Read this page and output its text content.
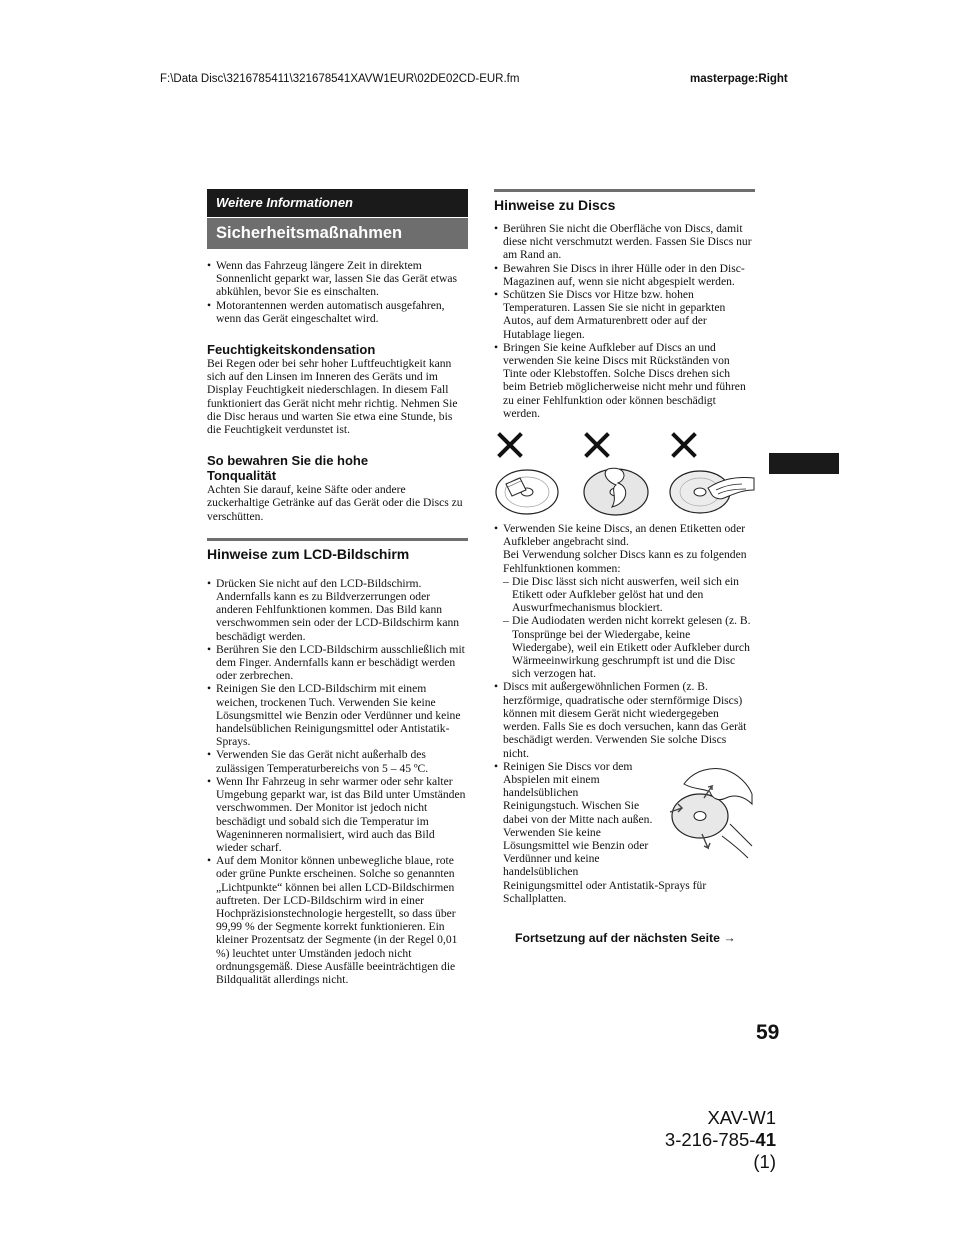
F:\Data Disc\3216785411\321678541XAVW1EUR\02DE02CD-EUR.fm	masterpage:Right
Weitere Informationen
Sicherheitsmaßnahmen
• Wenn das Fahrzeug längere Zeit in direktem Sonnenlicht geparkt war, lassen Sie das Gerät etwas abkühlen, bevor Sie es einschalten.
• Motorantennen werden automatisch ausgefahren, wenn das Gerät eingeschaltet wird.
Feuchtigkeitskondensation

Bei Regen oder bei sehr hoher Luftfeuchtigkeit kann sich auf den Linsen im Inneren des Geräts und im Display Feuchtigkeit niederschlagen. In diesem Fall funktioniert das Gerät nicht mehr richtig. Nehmen Sie die Disc heraus und warten Sie etwa eine Stunde, bis die Feuchtigkeit verdunstet ist.

So bewahren Sie die hohe
Tonqualität

Achten Sie darauf, keine Säfte oder andere zuckerhaltige Getränke auf das Gerät oder die Discs zu verschütten.

Hinweise zum LCD-Bildschirm
• Drücken Sie nicht auf den LCD-Bildschirm. Andernfalls kann es zu Bildverzerrungen oder anderen Fehlfunktionen kommen. Das Bild kann verschwommen sein oder der LCD-Bildschirm kann beschädigt werden.
• Berühren Sie den LCD-Bildschirm ausschließlich mit dem Finger. Andernfalls kann er beschädigt werden oder zerbrechen.
• Reinigen Sie den LCD-Bildschirm mit einem weichen, trockenen Tuch. Verwenden Sie keine Lösungsmittel wie Benzin oder Verdünner und keine handelsüblichen Reinigungsmittel oder Antistatik-Sprays.
• Verwenden Sie das Gerät nicht außerhalb des zulässigen Temperaturbereichs von 5 – 45 ºC.
• Wenn Ihr Fahrzeug in sehr warmer oder sehr kalter Umgebung geparkt war, ist das Bild unter Umständen verschwommen. Der Monitor ist jedoch nicht beschädigt und sobald sich die Temperatur im Wageninneren normalisiert, wird auch das Bild wieder scharf.
• Auf dem Monitor können unbewegliche blaue, rote oder grüne Punkte erscheinen. Solche so genannten „Lichtpunkte“ können bei allen LCD-Bildschirmen auftreten. Der LCD-Bildschirm wird in einer Hochpräzisionstechnologie hergestellt, so dass über 99,99 % der Segmente korrekt funktionieren. Ein kleiner Prozentsatz der Segmente (in der Regel 0,01 %) leuchtet unter Umständen jedoch nicht ordnungsgemäß. Diese Ausfälle beeinträchtigen die Bildqualität allerdings nicht.
Hinweise zu Discs
• Berühren Sie nicht die Oberfläche von Discs, damit diese nicht verschmutzt werden. Fassen Sie Discs nur am Rand an.
• Bewahren Sie Discs in ihrer Hülle oder in den Disc-Magazinen auf, wenn sie nicht abgespielt werden.
• Schützen Sie Discs vor Hitze bzw. hohen Temperaturen. Lassen Sie sie nicht in geparkten Autos, auf dem Armaturenbrett oder auf der Hutablage liegen.
• Bringen Sie keine Aufkleber auf Discs an und verwenden Sie keine Discs mit Rückständen von Tinte oder Klebstoffen. Solche Discs drehen sich beim Betrieb möglicherweise nicht mehr und führen zu einer Fehlfunktion oder können beschädigt werden.
• Verwenden Sie keine Discs, an denen Etiketten oder Aufkleber angebracht sind.
Bei Verwendung solcher Discs kann es zu folgenden Fehlfunktionen kommen:
– Die Disc lässt sich nicht auswerfen, weil sich ein Etikett oder Aufkleber gelöst hat und den Auswurfmechanismus blockiert.
– Die Audiodaten werden nicht korrekt gelesen (z. B. Tonsprünge bei der Wiedergabe, keine Wiedergabe), weil ein Etikett oder Aufkleber durch Wärmeeinwirkung geschrumpft ist und die Disc sich verzogen hat.
• Discs mit außergewöhnlichen Formen (z. B. herzförmige, quadratische oder sternförmige Discs) können mit diesem Gerät nicht wiedergegeben werden. Falls Sie es doch versuchen, kann das Gerät beschädigt werden. Verwenden Sie solche Discs nicht.
• Reinigen Sie Discs vor dem
Abspielen mit einem
handelsüblichen
Reinigungstuch. Wischen Sie
dabei von der Mitte nach außen.
Verwenden Sie keine
Lösungsmittel wie Benzin oder
Verdünner und keine
handelsüblichen
Reinigungsmittel oder Antistatik-Sprays für
Schallplatten.
Fortsetzung auf der nächsten Seite →
59
XAV-W1
3-216-785-41 (1)
